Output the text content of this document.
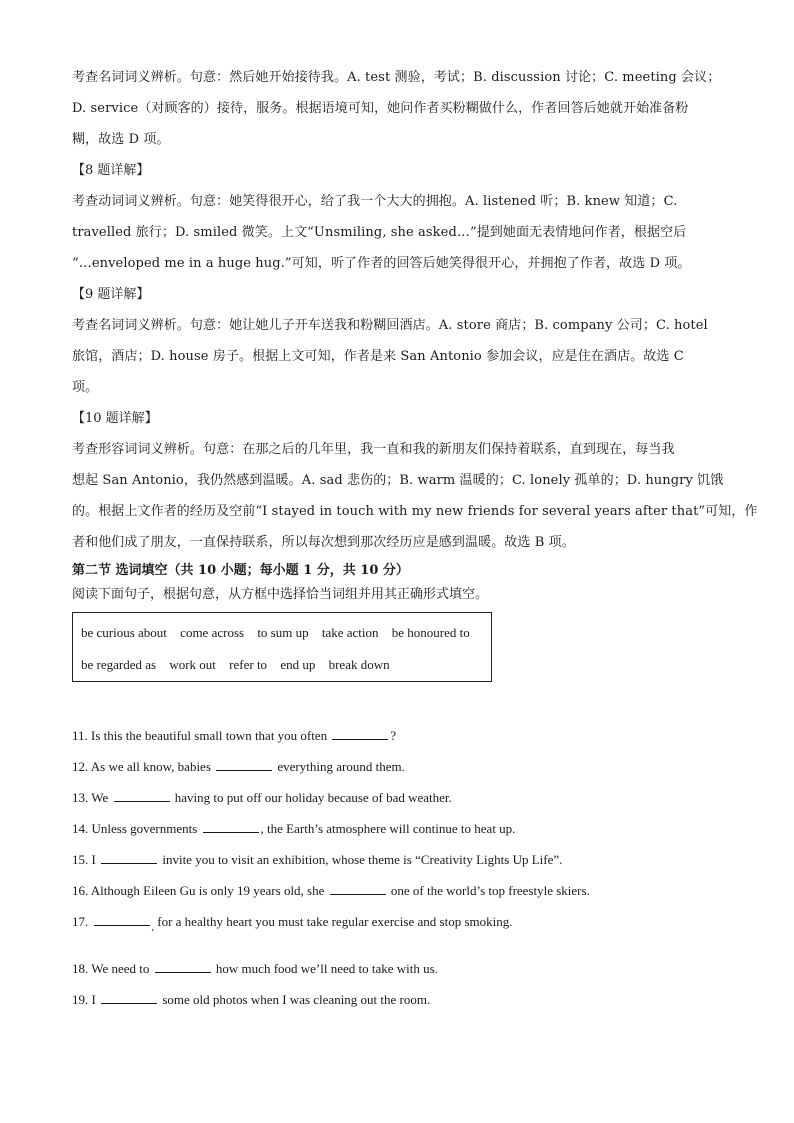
考查名词词义辨析。句意：然后她开始接待我。A. test 测验，考试；B. discussion 讨论；C. meeting 会议；
D. service（对顾客的）接待，服务。根据语境可知，她问作者买粉糊做什么，作者回答后她就开始准备粉
糊，故选 D 项。
【8 题详解】
考查动词词义辨析。句意：她笑得很开心，给了我一个大大的拥抱。A. listened 听；B. knew 知道；C.
travelled 旅行；D. smiled 微笑。上文“Unsmiling, she asked…”提到她面无表情地问作者，根据空后
“…enveloped me in a huge hug.”可知，听了作者的回答后她笑得很开心，并拥抱了作者，故选 D 项。
【9 题详解】
考查名词词义辨析。句意：她让她儿子开车送我和粉糊回酒店。A. store 商店；B. company 公司；C. hotel
旅馆，酒店；D. house 房子。根据上文可知，作者是来 San Antonio 参加会议，应是住在酒店。故选 C
项。
【10 题详解】
考查形容词词义辨析。句意：在那之后的几年里，我一直和我的新朋友们保持着联系，直到现在，每当我
想起 San Antonio，我仍然感到温暖。A. sad 悲伤的；B. warm 温暖的；C. lonely 孤单的；D. hungry 饥饿
的。根据上文作者的经历及空前“I stayed in touch with my new friends for several years after that”可知，作
者和他们成了朋友，一直保持联系，所以每次想到那次经历应是感到温暖。故选 B 项。
第二节 选词填空（共 10 小题；每小题 1 分，共 10 分）
阅读下面句子，根据句意，从方框中选择恰当词组并用其正确形式填空。
be curious about come across to sum up take action be honoured to
be regarded as work out refer to end up break down
11. Is this the beautiful small town that you often	?
12. As we all know, babies	everything around them.
13. We	having to put off our holiday because of bad weather.
14. Unless governments	, the Earth’s atmosphere will continue to heat up.
15. I	invite you to visit an exhibition, whose theme is “Creativity Lights Up Life”.
16. Although Eileen Gu is only 19 years old, she	one of the world’s top freestyle skiers.
17.	$_,$ for a healthy heart you must take regular exercise and stop smoking.
18. We need to	how much food we’ll need to take with us.
19. I	some old photos when I was cleaning out the room.
